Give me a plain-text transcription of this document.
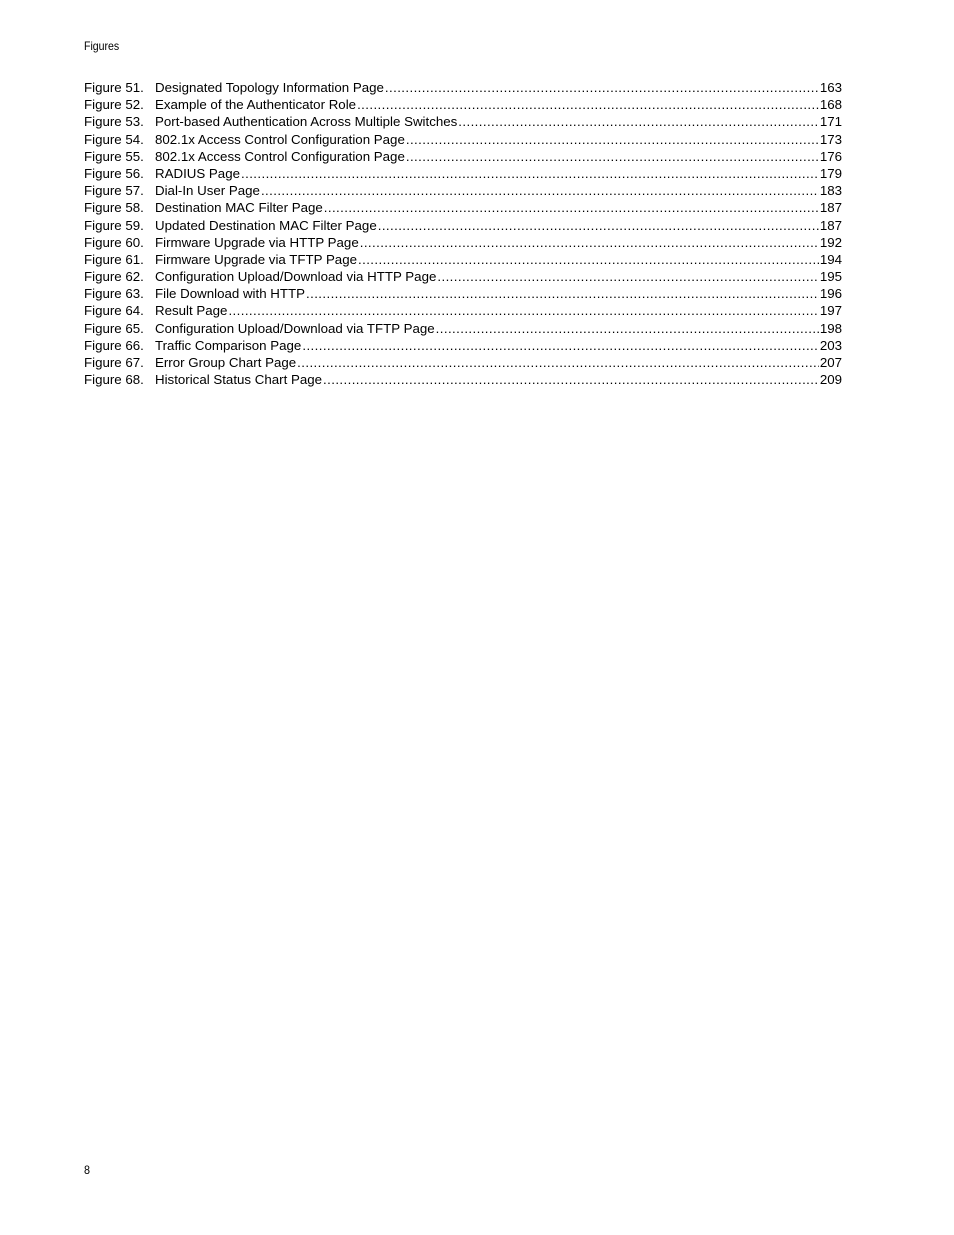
Figures
Figure 51. Designated Topology Information Page .....	163
Figure 52. Example of the Authenticator Role .....	168
Figure 53. Port-based Authentication Across Multiple Switches .....	171
Figure 54. 802.1x Access Control Configuration Page .....	173
Figure 55. 802.1x Access Control Configuration Page .....	176
Figure 56. RADIUS Page .....	179
Figure 57. Dial-In User Page .....	183
Figure 58. Destination MAC Filter Page .....	187
Figure 59. Updated Destination MAC Filter Page .....	187
Figure 60. Firmware Upgrade via HTTP Page .....	192
Figure 61. Firmware Upgrade via TFTP Page .....	194
Figure 62. Configuration Upload/Download via HTTP Page .....	195
Figure 63. File Download with HTTP .....	196
Figure 64. Result Page .....	197
Figure 65. Configuration Upload/Download via TFTP Page .....	198
Figure 66. Traffic Comparison Page .....	203
Figure 67. Error Group Chart Page .....	207
Figure 68. Historical Status Chart Page .....	209
8
